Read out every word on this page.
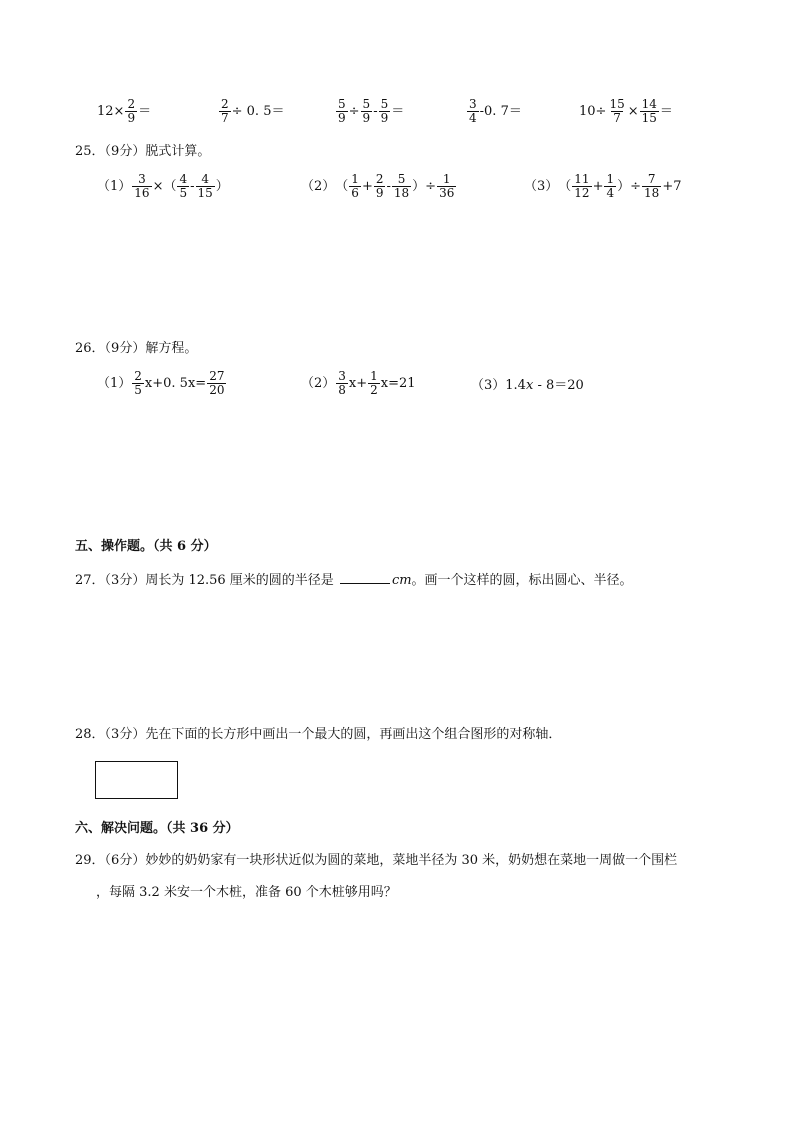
$12\times \frac{2}{9}$ ＝	$\frac{2}{7} \div 0$. 5＝	$\frac{5}{9} \div \frac{5}{9} - \frac{5}{9}$ ＝	$\frac{3}{4} -0$. 7＝	$10\div \frac{15}{7} \times \frac{14}{15}$ ＝
25．（9分）脱式计算。
$(1) \frac{3}{16}$ ×（ $\frac{4}{5} - \frac{4}{15}$ ）	（2） （ $\frac{1}{6} + \frac{2}{9} - \frac{5}{18}$ ）÷ $\frac{1}{36}$	（3） （ $\frac{11}{12} + \frac{1}{4}$ ）÷ $\frac{7}{18} +7$
26．（9分）解方程。
$(1) \frac{2}{5} x+0$. $5x= \frac{27}{20}$	$(2) \frac{3}{8} x+ \frac{1}{2} x=21$	（3） 1.4 x - 8＝20
五、操作题。（共 6 分）
27．（3分）周长为 12.56 厘米的圆的半径是	cm。画一个这样的圆，标出圆心、半径。
28．（3分）先在下面的长方形中画出一个最大的圆，再画出这个组合图形的对称轴．
六、解决问题。（共 36 分）
29．（6分）妙妙的奶奶家有一块形状近似为圆的菜地，菜地半径为 30 米，奶奶想在菜地一周做一个围栏
，每隔 3.2 米安一个木桩，准备 60 个木桩够用吗？
